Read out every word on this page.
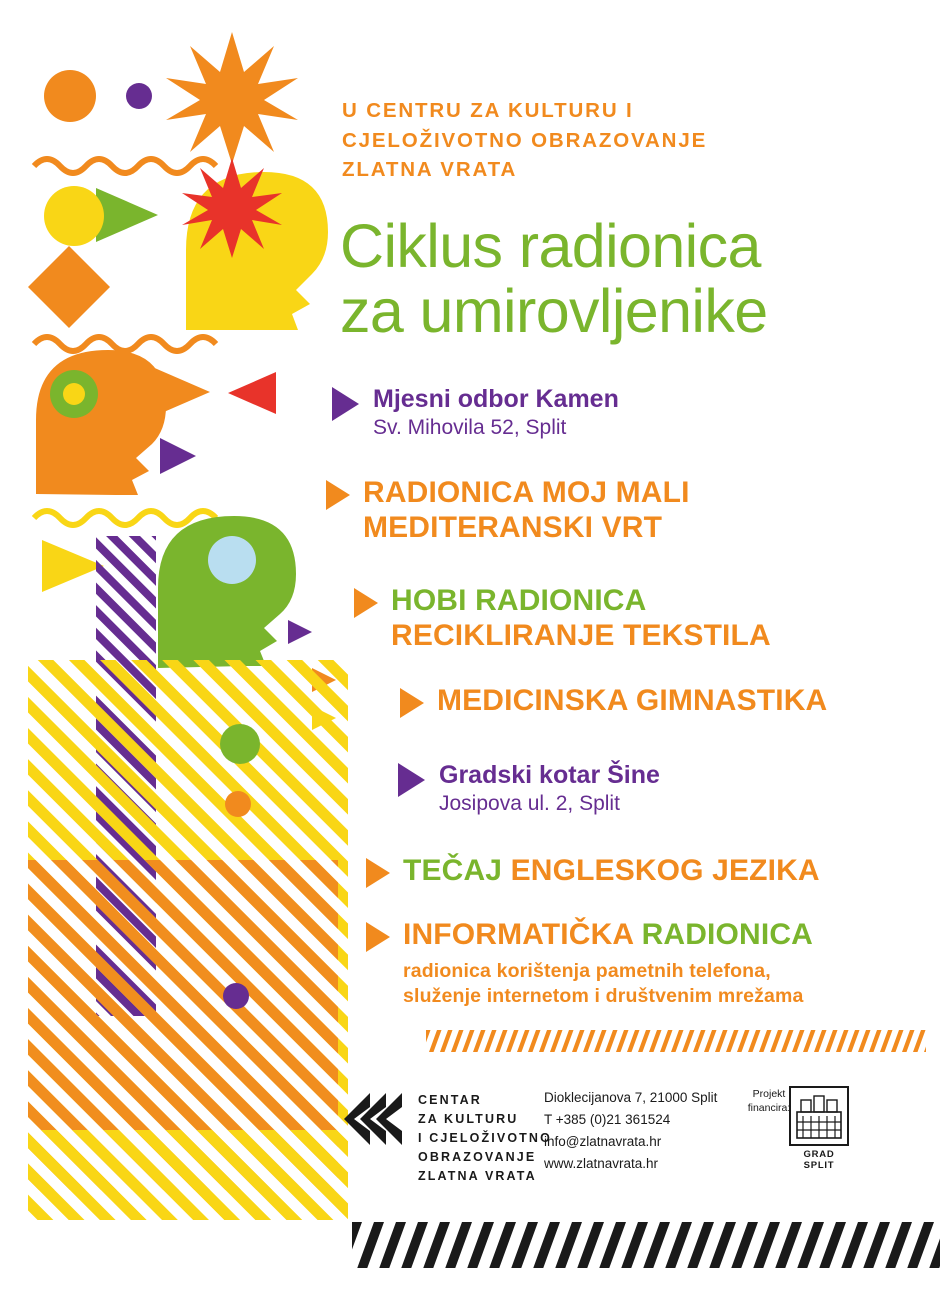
U CENTRU ZA KULTURU I
CJELOŽIVOTNO OBRAZOVANJE
ZLATNA VRATA
Ciklus radionica
za umirovljenike
Mjesni odbor Kamen
Sv. Mihovila 52, Split
RADIONICA MOJ MALI
MEDITERANSKI VRT
HOBI RADIONICA
RECIKLIRANJE TEKSTILA
MEDICINSKA GIMNASTIKA
Gradski kotar Šine
Josipova ul. 2, Split
TEČAJ ENGLESKOG JEZIKA
INFORMATIČKA RADIONICA
radionica korištenja pametnih telefona,
služenje internetom i društvenim mrežama
CENTAR
ZA KULTURU
I CJELOŽIVOTNO
OBRAZOVANJE
ZLATNA VRATA
Dioklecijanova 7, 21000 Split
T +385 (0)21 361524
info@zlatnavrata.hr
www.zlatnavrata.hr
Projekt
financira:
GRAD SPLIT
